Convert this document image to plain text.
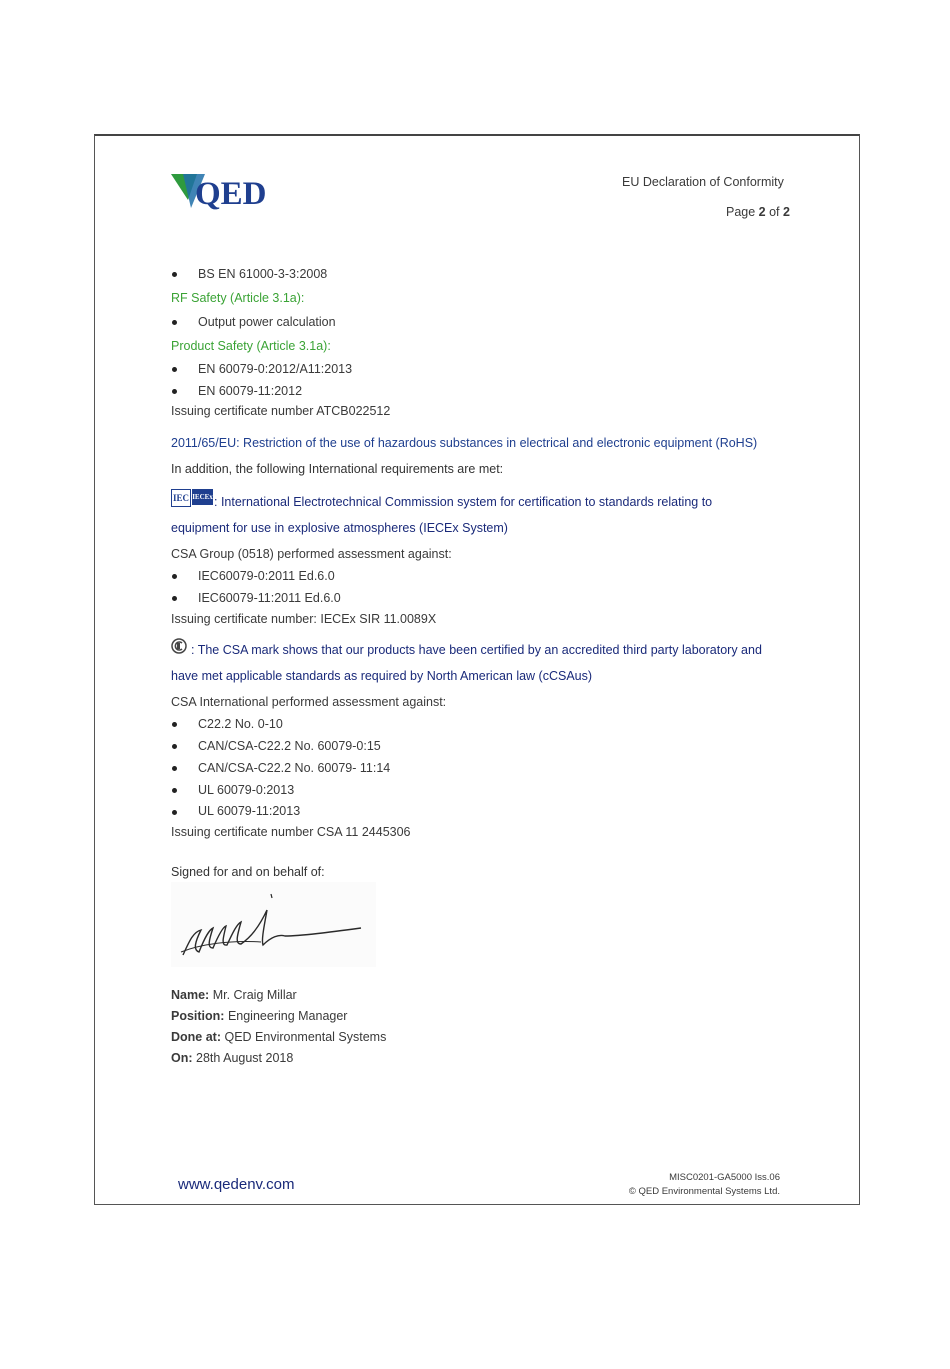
QED	EU Declaration of Conformity
Page 2 of 2
BS EN 61000-3-3:2008
RF Safety (Article 3.1a):
Output power calculation
Product Safety (Article 3.1a):
EN 60079-0:2012/A11:2013
EN 60079-11:2012
Issuing certificate number ATCB022512
2011/65/EU: Restriction of the use of hazardous substances in electrical and electronic equipment (RoHS)
In addition, the following International requirements are met:
IEC IECEx : International Electrotechnical Commission system for certification to standards relating to
equipment for use in explosive atmospheres (IECEx System)
CSA Group (0518) performed assessment against:
IEC60079-0:2011 Ed.6.0
IEC60079-11:2011 Ed.6.0
Issuing certificate number: IECEx SIR 11.0089X
: The CSA mark shows that our products have been certified by an accredited third party laboratory and
have met applicable standards as required by North American law (cCSAus)
CSA International performed assessment against:
C22.2 No. 0-10
CAN/CSA-C22.2 No. 60079-0:15
CAN/CSA-C22.2 No. 60079- 11:14
UL 60079-0:2013
UL 60079-11:2013
Issuing certificate number CSA 11 2445306
Signed for and on behalf of:
Name: Mr. Craig Millar
Position: Engineering Manager
Done at: QED Environmental Systems
On: 28th August 2018
www.qedenv.com	MISC0201-GA5000 Iss.06
© QED Environmental Systems Ltd.
